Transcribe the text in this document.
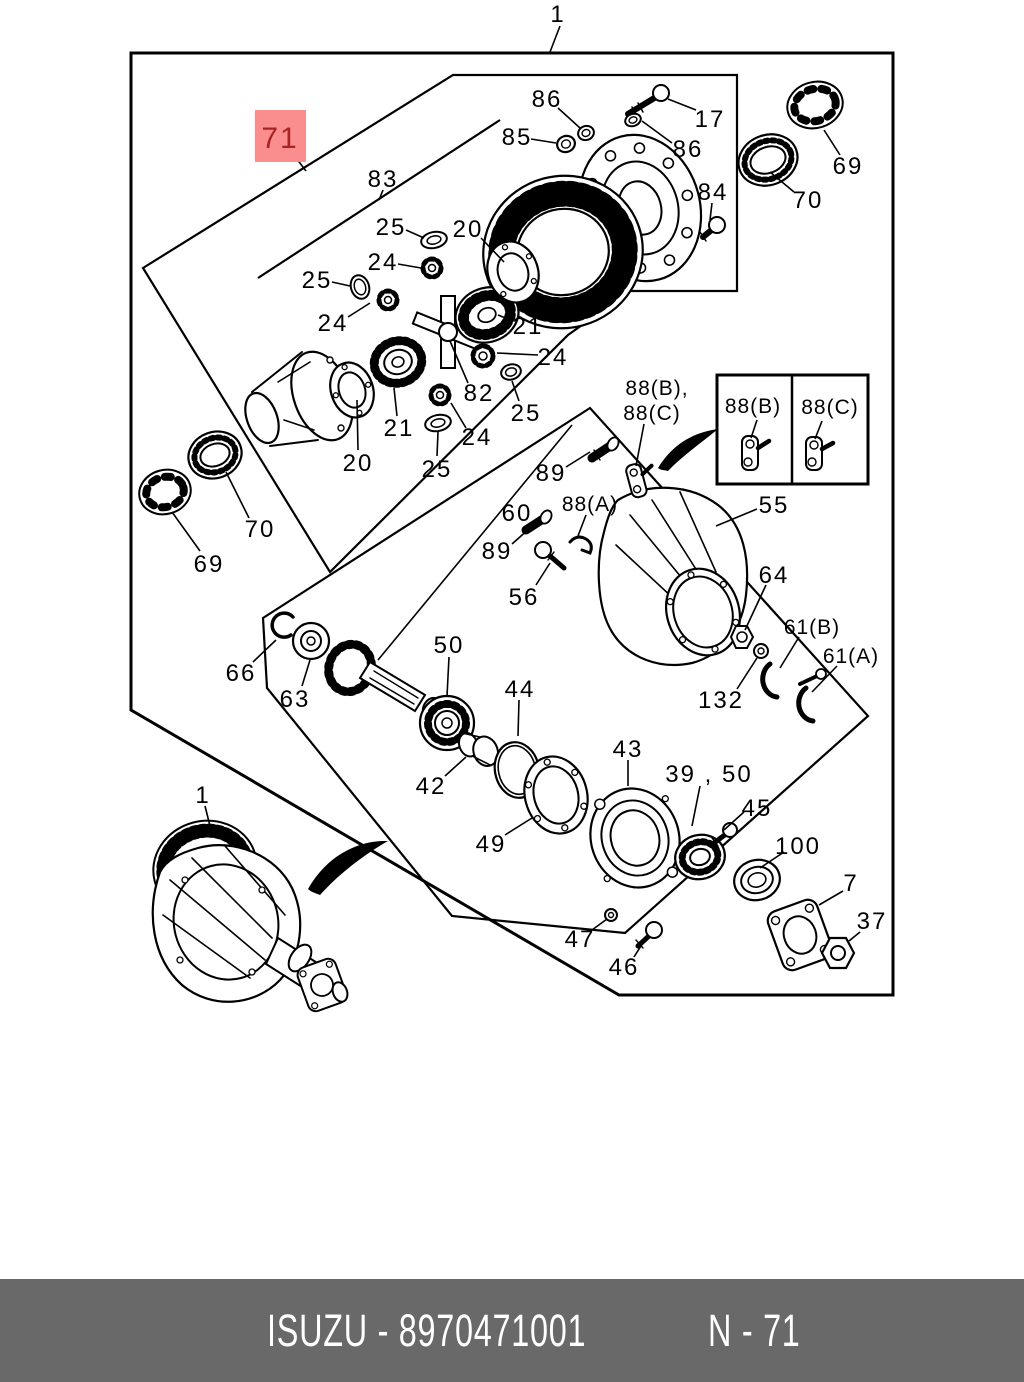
71
1
83
86
17
85	86
69
84	70
25 20
24
25
24	21
24
82
25
21
20
24
25
70
69
88(B),
88(C)
89
60 88(A)	55
89
56
64
61(B)
61(A)
132
66
63
50
44
42
49
43
39 , 50
45
100
7
37
47
46
1
88(B) 88(C)
ISUZU - 8970471001	N - 71
